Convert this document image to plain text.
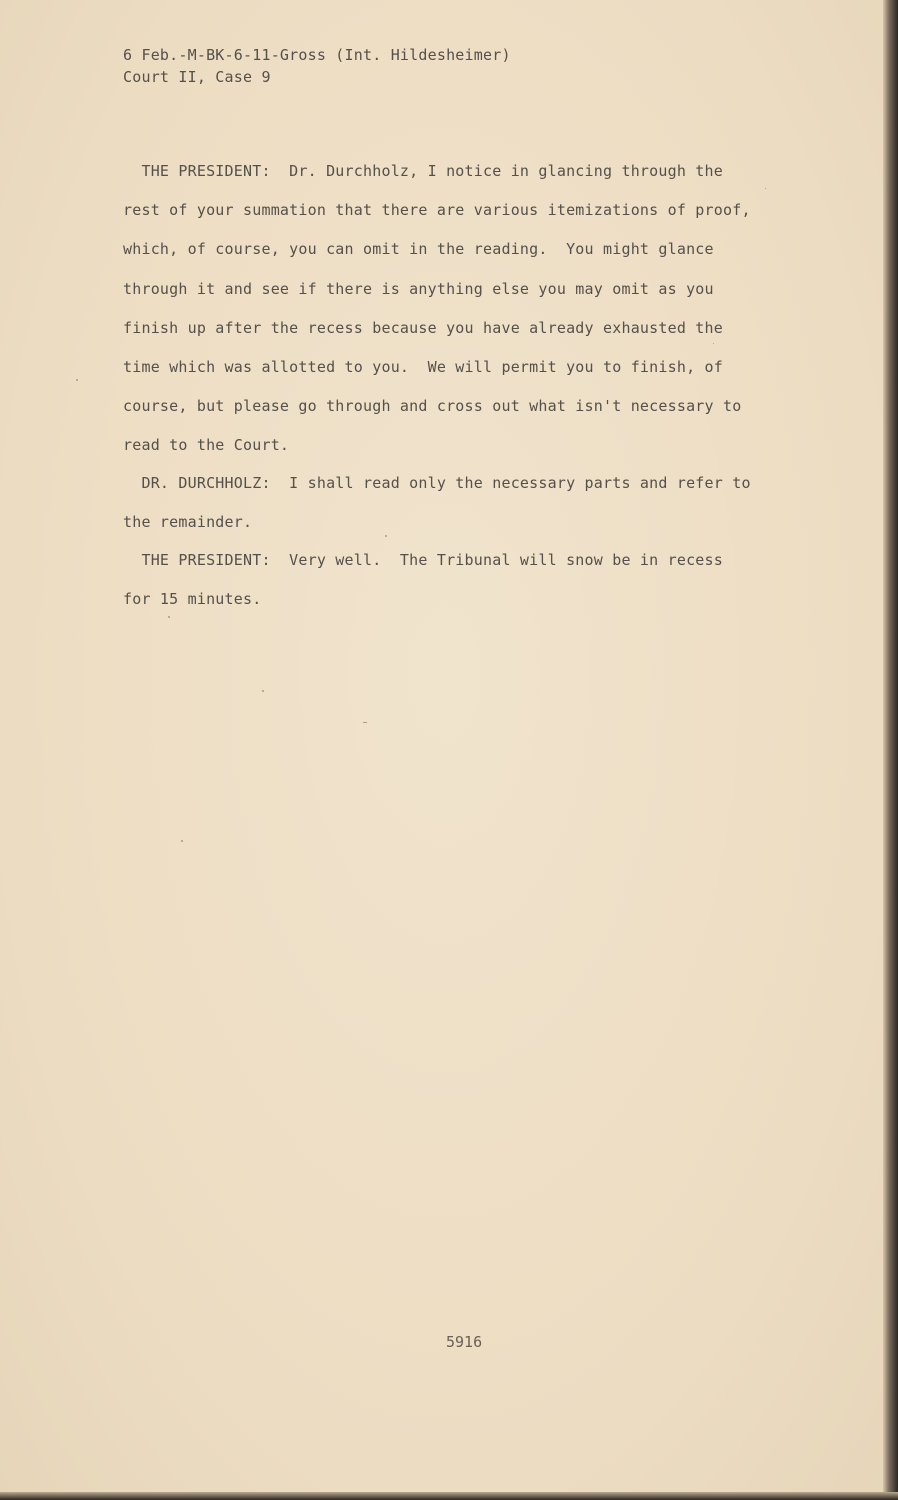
6 Feb.-M-BK-6-11-Gross (Int. Hildesheimer)
Court II, Case 9
THE PRESIDENT:  Dr. Durchholz, I notice in glancing through the
rest of your summation that there are various itemizations of proof,
which, of course, you can omit in the reading.  You might glance
through it and see if there is anything else you may omit as you
finish up after the recess because you have already exhausted the
time which was allotted to you.  We will permit you to finish, of
course, but please go through and cross out what isn't necessary to
read to the Court.
DR. DURCHHOLZ:  I shall read only the necessary parts and refer to
the remainder.
THE PRESIDENT:  Very well.  The Tribunal will snow be in recess
for 15 minutes.
5916
